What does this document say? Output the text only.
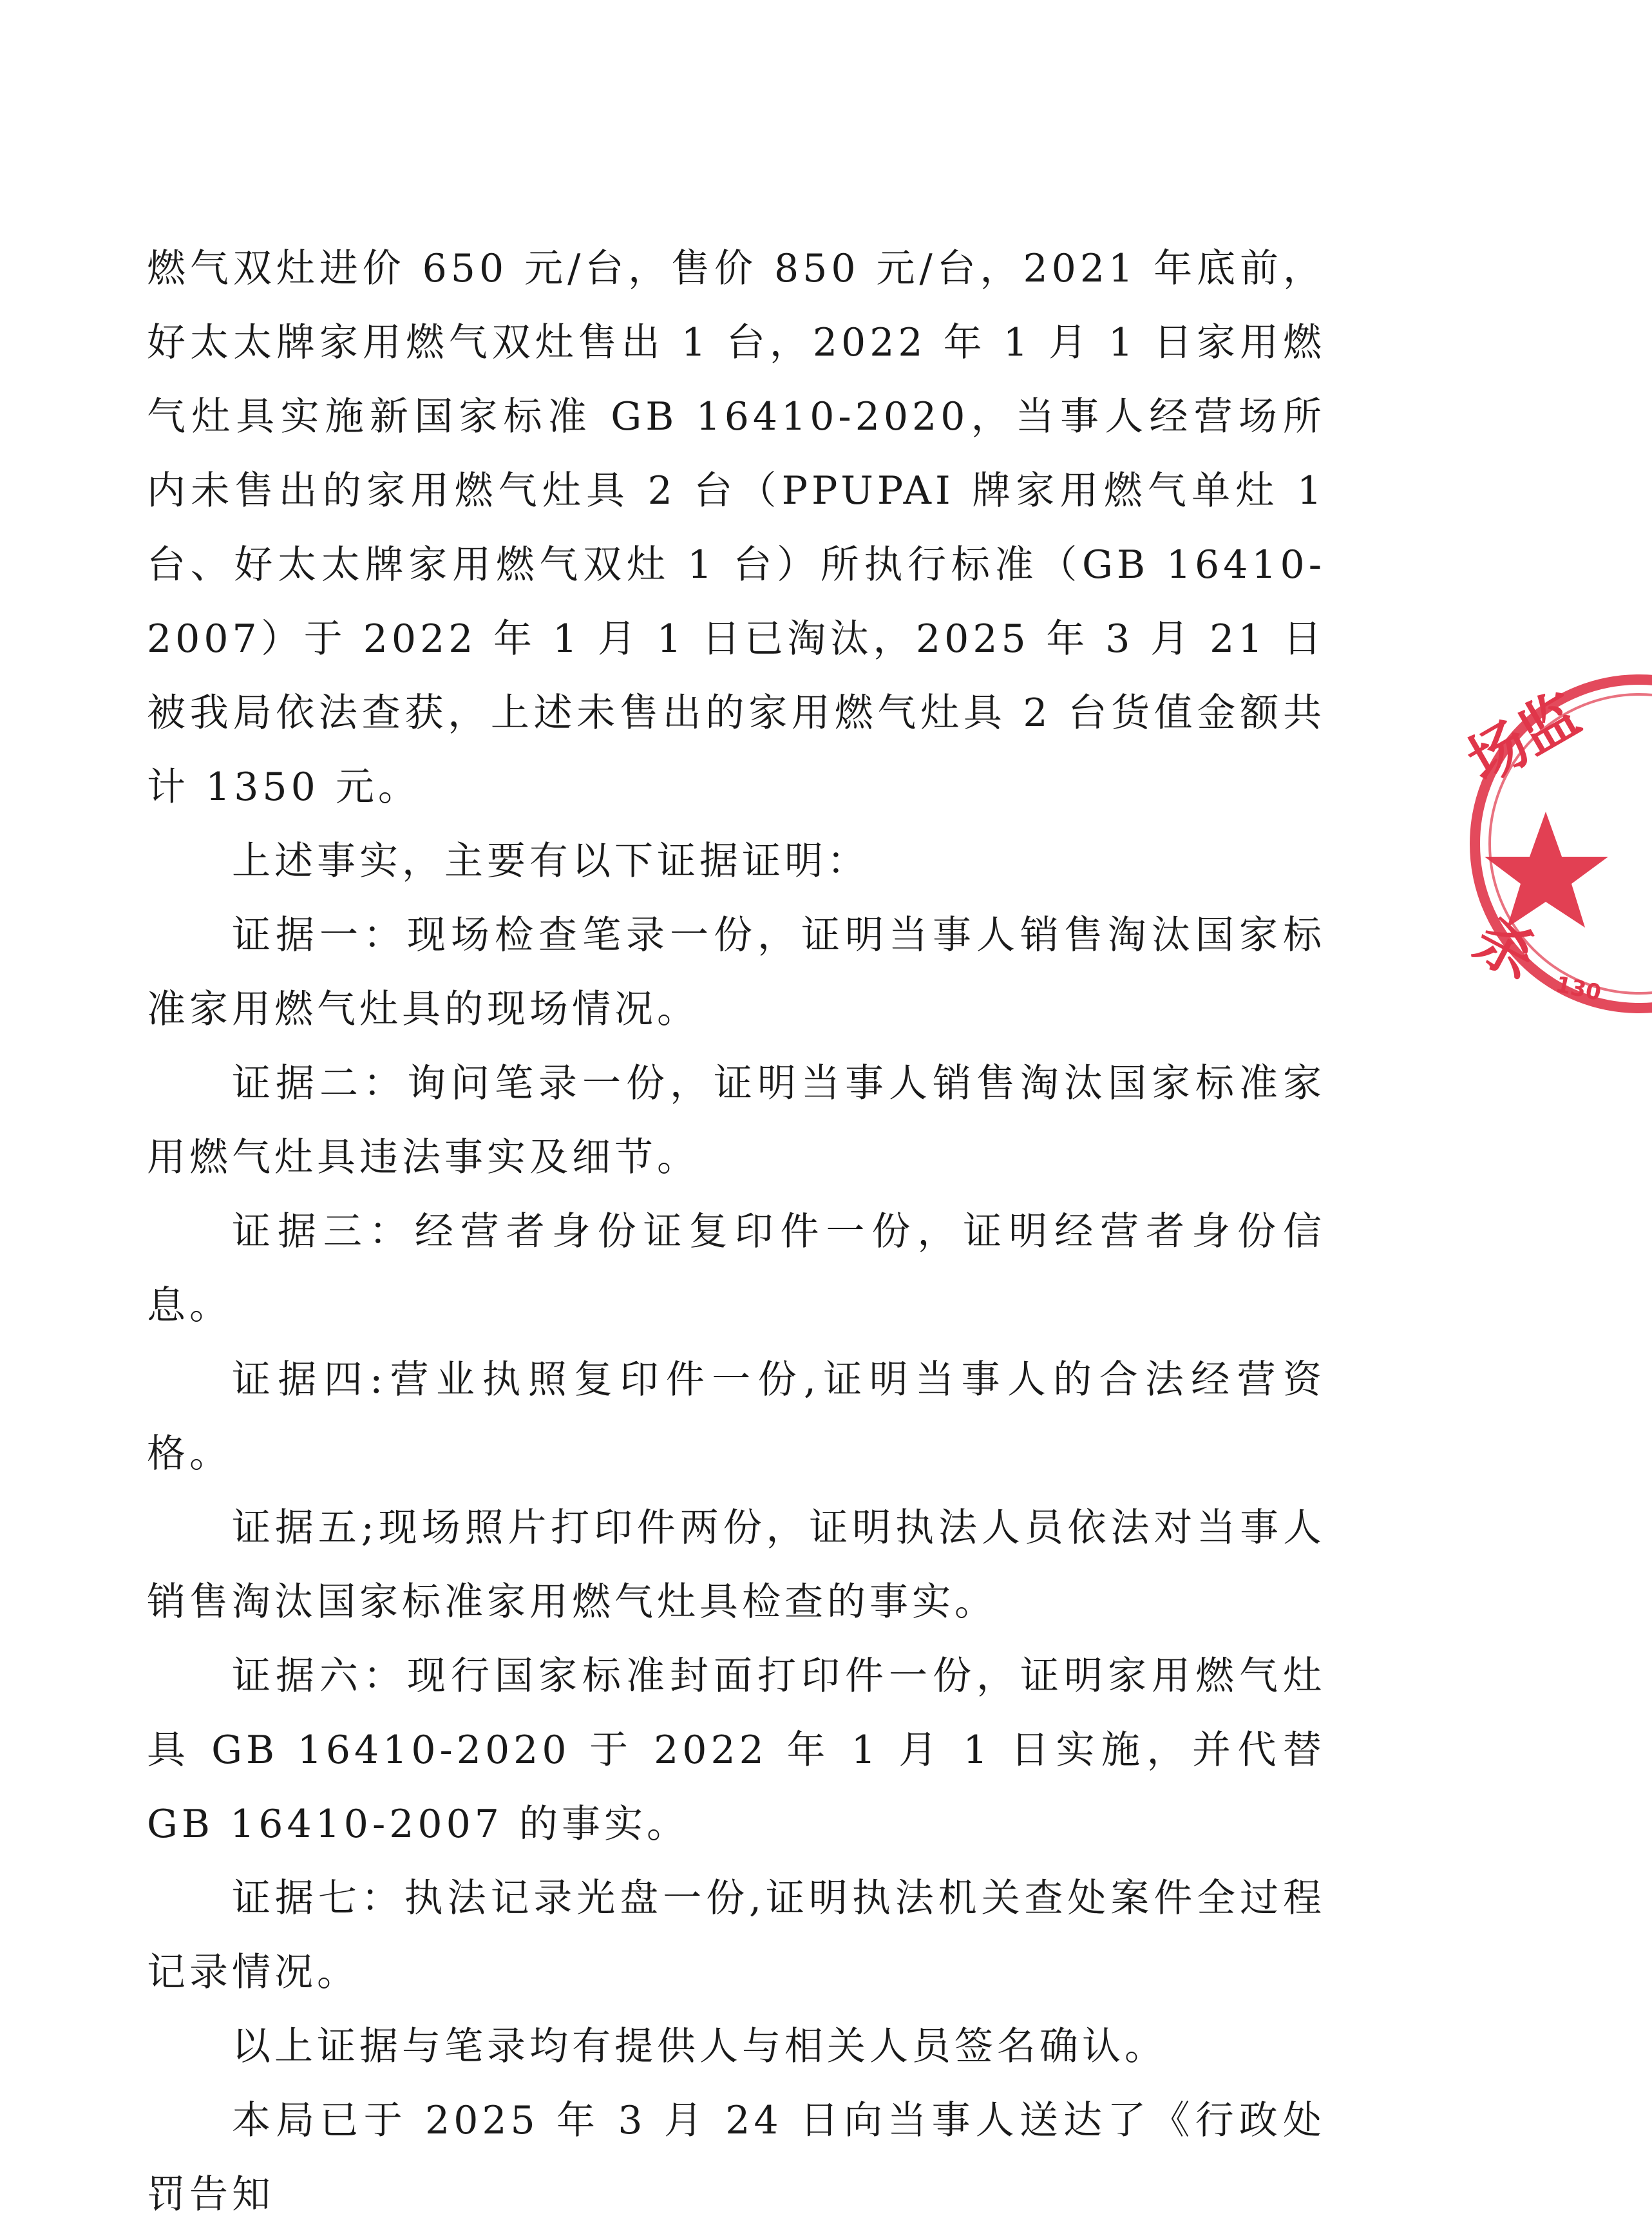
燃气双灶进价 650 元/台，售价 850 元/台，2021 年底前，好太太牌家用燃气双灶售出 1 台，2022 年 1 月 1 日家用燃气灶具实施新国家标准 GB 16410-2020，当事人经营场所内未售出的家用燃气灶具 2 台（PPUPAI 牌家用燃气单灶 1 台、好太太牌家用燃气双灶 1 台）所执行标准（GB 16410-2007）于 2022 年 1 月 1 日已淘汰，2025 年 3 月 21 日被我局依法查获，上述未售出的家用燃气灶具 2 台货值金额共计 1350 元。

上述事实，主要有以下证据证明：

证据一：现场检查笔录一份，证明当事人销售淘汰国家标准家用燃气灶具的现场情况。

证据二：询问笔录一份，证明当事人销售淘汰国家标准家用燃气灶具违法事实及细节。

证据三：经营者身份证复印件一份，证明经营者身份信息。

证据四:营业执照复印件一份,证明当事人的合法经营资格。

证据五;现场照片打印件两份，证明执法人员依法对当事人销售淘汰国家标准家用燃气灶具检查的事实。

证据六：现行国家标准封面打印件一份，证明家用燃气灶具 GB 16410-2020 于 2022 年 1 月 1 日实施，并代替 GB 16410-2007 的事实。

证据七：执法记录光盘一份,证明执法机关查处案件全过程记录情况。

以上证据与笔录均有提供人与相关人员签名确认。

本局已于 2025 年 3 月 24 日向当事人送达了《行政处罚告知

场监
杀 130
